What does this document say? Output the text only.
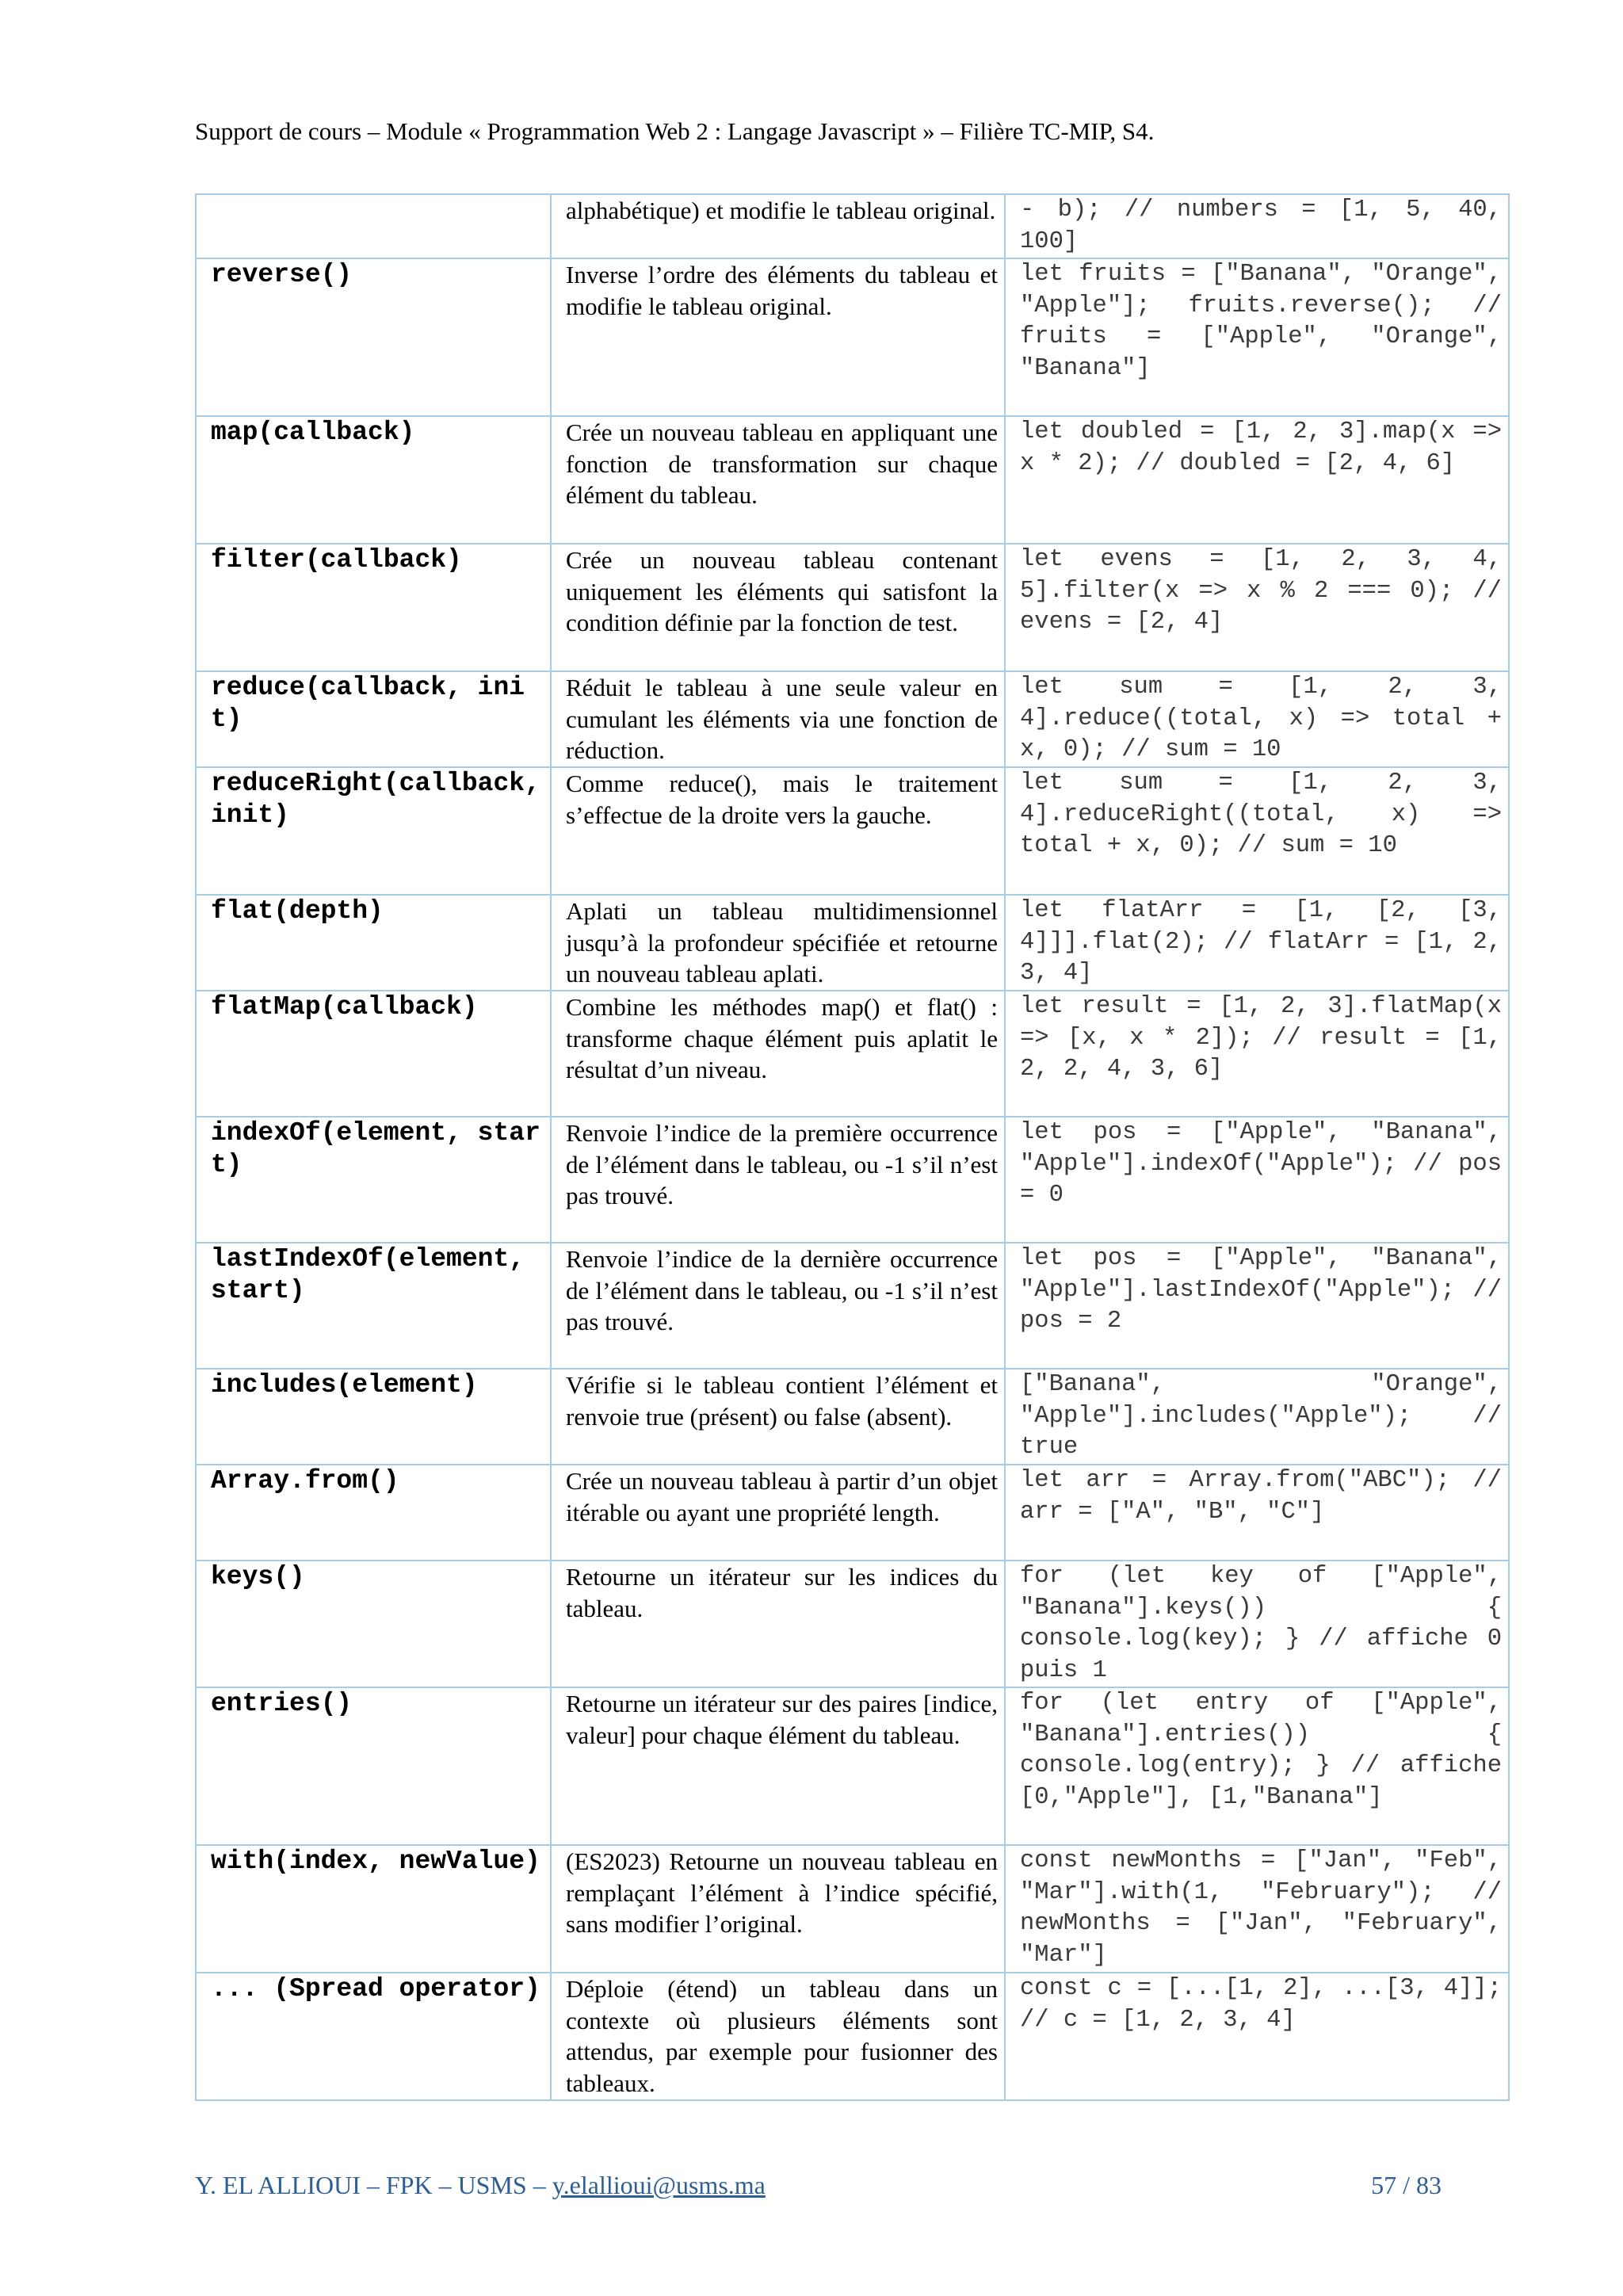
Support de cours – Module « Programmation Web 2 : Langage Javascript » – Filière TC-MIP, S4.
	alphabétique) et modifie le tableau original.	- b); // numbers = [1, 5, 40, 100]
reverse()	Inverse l’ordre des éléments du tableau et modifie le tableau original.	let fruits = ["Banana", "Orange", "Apple"]; fruits.reverse(); // fruits = ["Apple", "Orange", "Banana"]
map(callback)	Crée un nouveau tableau en appliquant une fonction de transformation sur chaque élément du tableau.	let doubled = [1, 2, 3].map(x => x * 2); // doubled = [2, 4, 6]
filter(callback)	Crée un nouveau tableau contenant uniquement les éléments qui satisfont la condition définie par la fonction de test.	let evens = [1, 2, 3, 4, 5].filter(x => x % 2 === 0); // evens = [2, 4]
reduce(callback, init)	Réduit le tableau à une seule valeur en cumulant les éléments via une fonction de réduction.	let sum = [1, 2, 3, 4].reduce((total, x) => total + x, 0); // sum = 10
reduceRight(callback, init)	Comme reduce(), mais le traitement s’effectue de la droite vers la gauche.	let sum = [1, 2, 3, 4].reduceRight((total, x) => total + x, 0); // sum = 10
flat(depth)	Aplati un tableau multidimensionnel jusqu’à la profondeur spécifiée et retourne un nouveau tableau aplati.	let flatArr = [1, [2, [3, 4]]].flat(2); // flatArr = [1, 2, 3, 4]
flatMap(callback)	Combine les méthodes map() et flat() : transforme chaque élément puis aplatit le résultat d’un niveau.	let result = [1, 2, 3].flatMap(x => [x, x * 2]); // result = [1, 2, 2, 4, 3, 6]
indexOf(element, start)	Renvoie l’indice de la première occurrence de l’élément dans le tableau, ou -1 s’il n’est pas trouvé.	let pos = ["Apple", "Banana", "Apple"].indexOf("Apple"); // pos = 0
lastIndexOf(element, start)	Renvoie l’indice de la dernière occurrence de l’élément dans le tableau, ou -1 s’il n’est pas trouvé.	let pos = ["Apple", "Banana", "Apple"].lastIndexOf("Apple"); // pos = 2
includes(element)	Vérifie si le tableau contient l’élément et renvoie true (présent) ou false (absent).	["Banana", "Orange", "Apple"].includes("Apple"); // true
Array.from()	Crée un nouveau tableau à partir d’un objet itérable ou ayant une propriété length.	let arr = Array.from("ABC"); // arr = ["A", "B", "C"]
keys()	Retourne un itérateur sur les indices du tableau.	for (let key of ["Apple", "Banana"].keys()) { console.log(key); } // affiche 0 puis 1
entries()	Retourne un itérateur sur des paires [indice, valeur] pour chaque élément du tableau.	for (let entry of ["Apple", "Banana"].entries()) { console.log(entry); } // affiche [0,"Apple"], [1,"Banana"]
with(index, newValue)	(ES2023) Retourne un nouveau tableau en remplaçant l’élément à l’indice spécifié, sans modifier l’original.	const newMonths = ["Jan", "Feb", "Mar"].with(1, "February"); // newMonths = ["Jan", "February", "Mar"]
... (Spread operator)	Déploie (étend) un tableau dans un contexte où plusieurs éléments sont attendus, par exemple pour fusionner des tableaux.	const c = [...[1, 2], ...[3, 4]]; // c = [1, 2, 3, 4]
Y. EL ALLIOUI – FPK – USMS – y.elallioui@usms.ma	57 / 83
